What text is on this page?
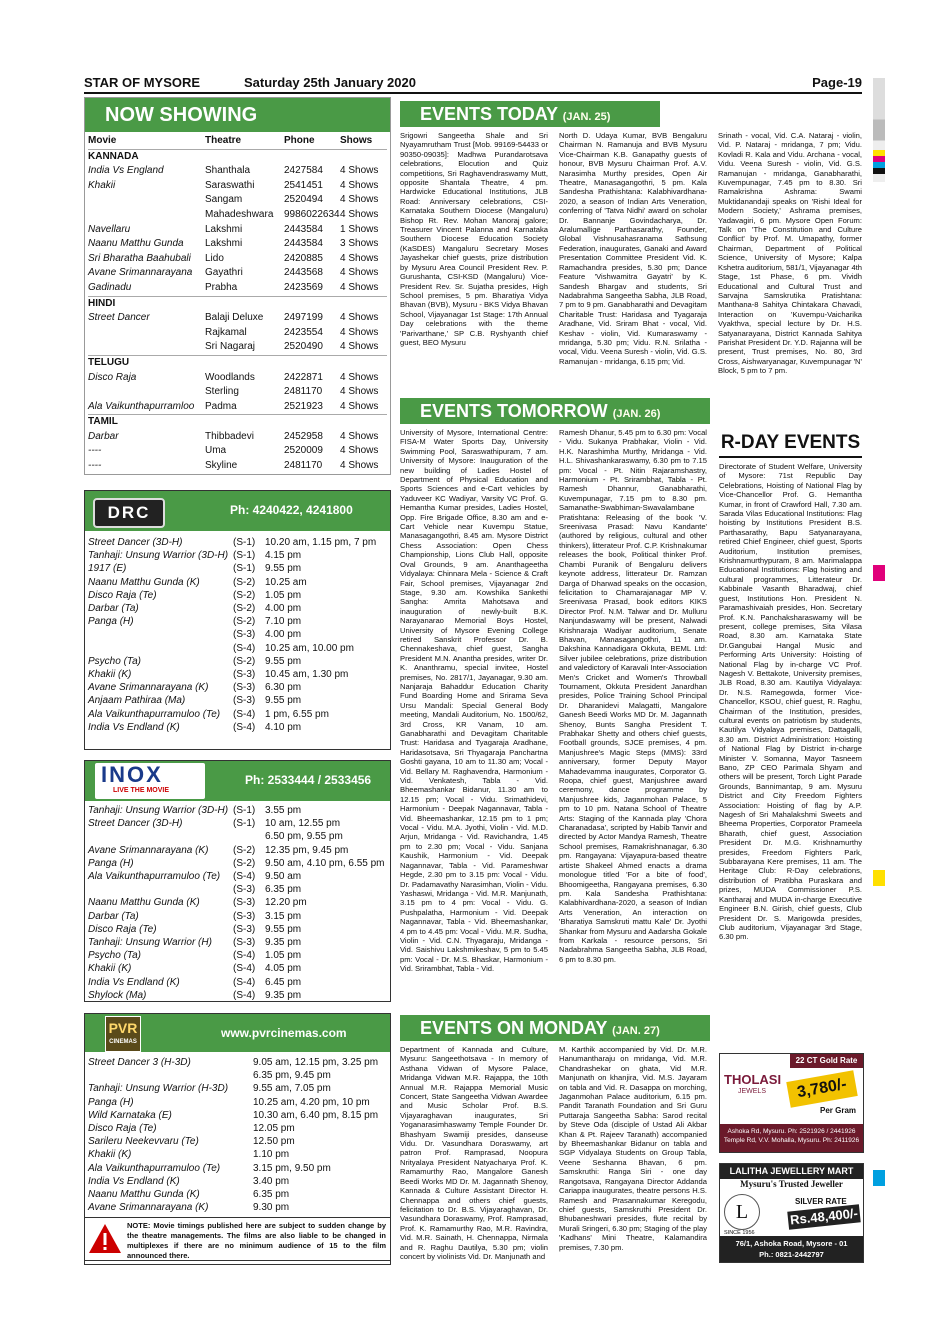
STAR OF MYSORE	Saturday 25th January 2020	Page-19
NOW SHOWING
Movie	Theatre	Phone	Shows
KANNADA
India Vs England	Shanthala	2427584	4 Shows
Khakii	Saraswathi	2541451	4 Shows
Sangam	2520494	4 Shows
Mahadeshwara	9986022634 4 Shows
Navellaru	Lakshmi	2443584	1 Shows
Naanu Matthu Gunda	Lakshmi	2443584	3 Shows
Sri Bharatha Baahubali	Lido	2420885	4 Shows
Avane Srimannarayana	Gayathri	2443568	4 Shows
Gadinadu	Prabha	2423569	4 Shows
HINDI
Street Dancer	Balaji Deluxe	2497199	4 Shows
Rajkamal	2423554	4 Shows
Sri Nagaraj	2520490	4 Shows
TELUGU
Disco Raja	Woodlands	2422871	4 Shows
Sterling	2481170	4 Shows
Ala Vaikunthapurramloo	Padma	2521923	4 Shows
TAMIL
Darbar	Thibbadevi	2452958	4 Shows
----	Uma	2520009	4 Shows
----	Skyline	2481170	4 Shows
DRC	Ph: 4240422, 4241800
Street Dancer (3D-H)	(S-1) 10.20 am, 1.15 pm, 7 pm
Tanhaji: Unsung Warrior (3D-H) (S-1) 4.15 pm
1917 (E)	(S-1) 9.55 pm
Naanu Matthu Gunda (K)	(S-2) 10.25 am
Disco Raja (Te)	(S-2) 1.05 pm
Darbar (Ta)	(S-2) 4.00 pm
Panga (H)	(S-2) 7.10 pm
(S-3) 4.00 pm
(S-4) 10.25 am, 10.00 pm
Psycho (Ta)	(S-2) 9.55 pm
Khakii (K)	(S-3) 10.45 am, 1.30 pm
Avane Srimannarayana (K)	(S-3) 6.30 pm
Anjaam Pathiraa (Ma)	(S-3) 9.55 pm
Ala Vaikunthapurramuloo (Te)	(S-4) 1 pm, 6.55 pm
India Vs Endland (K)	(S-4) 4.10 pm
INOX
LIVE THE MOVIE
Ph: 2533444 / 2533456
Tanhaji: Unsung Warrior (3D-H) (S-1) 3.55 pm
Street Dancer (3D-H)	(S-1) 10 am, 12.55 pm
6.50 pm, 9.55 pm
Avane Srimannarayana (K)	(S-2) 12.35 pm, 9.45 pm
Panga (H)	(S-2) 9.50 am, 4.10 pm, 6.55 pm
Ala Vaikunthapurramuloo (Te)	(S-4) 9.50 am
(S-3) 6.35 pm
Naanu Matthu Gunda (K)	(S-3) 12.20 pm
Darbar (Ta)	(S-3) 3.15 pm
Disco Raja (Te)	(S-3) 9.55 pm
Tanhaji: Unsung Warrior (H)	(S-3) 9.35 pm
Psycho (Ta)	(S-4) 1.05 pm
Khakii (K)	(S-4) 4.05 pm
India Vs Endland (K)	(S-4) 6.45 pm
Shylock (Ma)	(S-4) 9.35 pm
PVR
CINEMAS
www.pvrcinemas.com
Street Dancer 3 (H-3D)	9.05 am, 12.15 pm, 3.25 pm
6.35 pm, 9.45 pm
Tanhaji: Unsung Warrior (H-3D)	9.55 am, 7.05 pm
Panga (H)	10.25 am, 4.20 pm, 10 pm
Wild Karnataka (E)	10.30 am, 6.40 pm, 8.15 pm
Disco Raja (Te)	12.05 pm
Sarileru Neekevvaru (Te)	12.50 pm
Khakii (K)	1.10 pm
Ala Vaikunthapurramuloo (Te)	3.15 pm, 9.50 pm
India Vs Endland (K)	3.40 pm
Naanu Matthu Gunda (K)	6.35 pm
Avane Srimannarayana (K)	9.30 pm
NOTE: Movie timings published here are subject to sudden change by the theatre managements. The films are also liable to be changed in multiplexes if there are no minimum audience of 15 to the film announced there.
EVENTS TODAY (JAN. 25)
Srigowri Sangeetha Shale and Sri Nyayamrutham Trust [Mob. 99169-54433 or 90350-09035]: Madhwa Purandarotsava celebrations, Elocution and Quiz competitions, Sri Raghavendraswamy Mutt, opposite Shantala Theatre, 4 pm. Hardwicke Educational Institutions, JLB Road: Anniversary celebrations, CSI-Karnataka Southern Diocese (Mangaluru) Bishop Rt. Rev. Mohan Manoraj galore; Treasurer Vincent Palanna and Karnataka Southern Diocese Education Society (KaSDES) Mangaluru Secretary Moses Jayashekar chief guests, prize distribution by Mysuru Area Council President Rev. P. Gurushanta, CSI-KSD (Mangaluru) Vice-President Rev. Sr. Sujatha presides, High School premises, 5 pm. Bharatiya Vidya Bhavan (BVB), Mysuru - BKS Vidya Bhavan School, Vijayanagar 1st Stage: 17th Annual Day celebrations with the theme 'Parivarthane,' SP C.B. Ryshyanth chief guest, BEO Mysuru
North D. Udaya Kumar, BVB Bengaluru Chairman N. Ramanuja and BVB Mysuru Vice-Chairman K.B. Ganapathy guests of honour, BVB Mysuru Chairman Prof. A.V. Narasimha Murthy presides, Open Air Theatre, Manasagangothri, 5 pm. Kala Sandesha Prathishtana: Kalabhivardhana-2020, a season of Indian Arts Veneration, conferring of 'Tatva Nidhi' award on scholar Dr. Bannanje Govindacharya, Dr. Aralumallige Parthasarathy, Founder, Global Vishnusahasranama Sathsung Federation, inaugurates, Ganaki and Award Presentation Committee President Vid. K. Ramachandra presides, 5.30 pm; Dance Feature 'Vishwamitra Gayatri' by K. Sandesh Bhargav and students, Sri Nadabrahma Sangeetha Sabha, JLB Road, 7 pm to 9 pm. Ganabharathi and Devagitam Charitable Trust: Haridasa and Tyagaraja Aradhane, Vid. Sriram Bhat - vocal, Vid. Keshav - violin, Vid. Kumaraswamy - mridanga, 5.30 pm; Vidu. R.N. Srilatha - vocal, Vidu. Veena Suresh - violin, Vid. G.S. Ramanujan - mridanga, 6.15 pm; Vid.
Srinath - vocal, Vid. C.A. Nataraj - violin, Vid. P. Nataraj - mridanga, 7 pm; Vidu. Kovladi R. Kala and Vidu. Archana - vocal, Vidu. Veena Suresh - violin, Vid. G.S. Ramanujan - mridanga, Ganabharathi, Kuvempunagar, 7.45 pm to 8.30. Sri Ramakrishna Ashrama: Swami Muktidanandaji speaks on 'Rishi Ideal for Modern Society,' Ashrama premises, Yadavagiri, 6 pm. Mysore Open Forum: Talk on 'The Constitution and Culture Conflict' by Prof. M. Umapathy, former Chairman, Department of Political Science, University of Mysore; Kalpa Kshetra auditorium, 581/1, Vijayanagar 4th Stage, 1st Phase, 6 pm. Vividh Educational and Cultural Trust and Sarvajna Samskrutika Pratishtana: Manthana-8 Sahitya Chintakara Chavadi, Interaction on 'Kuvempu-Vaicharika Vyakthva, special lecture by Dr. H.S. Satyanarayana, District Kannada Sahitya Parishat President Dr. Y.D. Rajanna will be present, Trust premises, No. 80, 3rd Cross, Aishwaryanagar, Kuvempunagar 'N' Block, 5 pm to 7 pm.
EVENTS TOMORROW (JAN. 26)
University of Mysore, International Centre: FISA-M Water Sports Day, University Swimming Pool, Saraswathipuram, 7 am. University of Mysore: Inauguration of the new building of Ladies Hostel of Department of Physical Education and Sports Sciences and e-Cart vehicles by Yaduveer KC Wadiyar, Varsity VC Prof. G. Hemantha Kumar presides, Ladies Hostel, Opp. Fire Brigade Office, 8.30 am and e-Cart Vehicle near Kuvempu Statue, Manasagangothri, 8.45 am. Mysore District Chess Association: Open Chess Championship, Lions Club Hall, opposite Oval Grounds, 9 am. Ananthageetha Vidyalaya: Chinnara Mela - Science & Craft Fair, School premises, Vijayanagar 2nd Stage, 9.30 am. Kowshika Sankethi Sangha: Amrita Mahotsava and inauguration of newly-built B.K. Narayanarao Memorial Boys Hostel, University of Mysore Evening College retired Sanskrit Professor Dr. B. Chennakeshava, chief guest, Sangha President M.N. Anantha presides, writer Dr. K. Ananthramu, special invitee, Hostel premises, No. 2817/1, Jayanagar, 9.30 am. Nanjaraja Bahaddur Education Charity Fund Boarding Home and Srirama Seva Ursu Mandali: Special General Body meeting, Mandali Auditorium, No. 1500/62, 3rd Cross, KR Vanam, 10 am. Ganabharathi and Devagitam Charitable Trust: Haridasa and Tyagaraja Aradhane, Haridasotsava, Sri Thyagaraja Panchartna Goshti gayana, 10 am to 11.30 am; Vocal - Vid. Bellary M. Raghavendra, Harmonium - Vid. Venkatesh, Tabla - Vid. Bheemashankar Bidanur, 11.30 am to 12.15 pm; Vocal - Vidu. Srimathidevi, Harmonium - Deepak Nagannavar, Tabla - Vid. Bheemashankar, 12.15 pm to 1 pm; Vocal - Vidu. M.A. Jyothi, Violin - Vid. M.D. Arjun, Mridanga - Vid. Ravichandra, 1.45 pm to 2.30 pm; Vocal - Vidu. Sanjana Kaushik, Harmonium - Vid. Deepak Nagannavar, Tabla - Vid. Parameshwar Hegde, 2.30 pm to 3.15 pm: Vocal - Vidu. Dr. Padamavathy Narasimhan, Violin - Vidu. Yashaswi, Mridanga - Vid. M.R. Manjunath, 3.15 pm to 4 pm: Vocal - Vidu. G. Pushpalatha, Harmonium - Vid. Deepak Nagannavar, Tabla - Vid. Bheemashankar, 4 pm to 4.45 pm: Vocal - Vidu. M.R. Sudha, Violin - Vid. C.N. Thyagaraju, Mridanga - Vid. Saishivu Lakshmikeshav, 5 pm to 5.45 pm: Vocal - Dr. M.S. Bhaskar, Harmonium - Vid. Srirambhat, Tabla - Vid.
Ramesh Dhanur, 5.45 pm to 6.30 pm: Vocal - Vidu. Sukanya Prabhakar, Violin - Vid. H.K. Narashimha Murthy, Mridanga - Vid. H.L. Shivashankaraswamy, 6.30 pm to 7.15 pm: Vocal - Pt. Nitin Rajaramshastry, Harmonium - Pt. Srirambhat, Tabla - Pt. Ramesh Dhannur, Ganabharathi, Kuvempunagar, 7.15 pm to 8.30 pm. Samanathe-Swabhiman-Swavalambane Pratishtana: Releasing of the book 'V. Sreenivasa Prasad: Navu Kandante' (authored by religious, cultural and other thinkers), litterateur Prof. C.P. Krishnakumar releases the book, Political thinker Prof. Chambi Puranik of Bengaluru delivers keynote address, litterateur Dr. Ramzan Darga of Dharwad speaks on the occasion, felicitation to Chamarajanagar MP V. Sreenivasa Prasad, book editors KIKS Director Prof. N.M. Talwar and Dr. Mulluru Nanjundaswamy will be present, Nalwadi Krishnaraja Wadiyar auditorium, Senate Bhavan, Manasagangothri, 11 am. Dakshina Kannadigara Okkuta, BEML Ltd: Silver jubilee celebrations, prize distribution and valedictory of Karavali Inter-Association Men's Cricket and Women's Throwball Tournament, Okkuta President Janardhan presides, Police Training School Principal Dr. Dharanidevi Malagatti, Mangalore Ganesh Beedi Works MD Dr. M. Jagannath Shenoy, Bunts Sangha President T. Prabhakar Shetty and others chief guests, Football grounds, SJCE premises, 4 pm. Manjushree's Magic Steps (MMS): 33rd anniversary, former Deputy Mayor Mahadevamma inaugurates, Corporator G. Roopa, chief guest, Manjushree award ceremony, dance programme by Manjushree kids, Jaganmohan Palace, 5 pm to 10 pm. Natana School of Theatre Arts: Staging of the Kannada play 'Chora Charanadasa', scripted by Habib Tanvir and directed by Actor Mandya Ramesh, Theatre School premises, Ramakrishnanagar, 6.30 pm. Rangayana: Vijayapura-based theatre artiste Shakeel Ahmed enacts a drama monologue titled 'For a bite of food', Bhoomigeetha, Rangayana premises, 6.30 pm. Kala Sandesha Prathishtana: Kalabhivardhana-2020, a season of Indian Arts Veneration, An interaction on 'Bharatiya Samskruti mattu Kale' Dr. Jyothi Shankar from Mysuru and Aadarsha Gokale from Karkala - resource persons, Sri Nadabrahma Sangeetha Sabha, JLB Road, 6 pm to 8.30 pm.
R-DAY EVENTS
Directorate of Student Welfare, University of Mysore: 71st Republic Day Celebrations, Hoisting of National Flag by Vice-Chancellor Prof. G. Hemantha Kumar, in front of Crawford Hall, 7.30 am. Sarada Vilas Educational Institutions: Flag hoisting by Institutions President B.S. Parthasarathy, Bapu Satyanarayana, retired Chief Engineer, chief guest, Sports Auditorium, Institution premises, Krishnamurthypuram, 8 am. Marimalappa Educational Institutions: Flag hoisting and cultural programmes, Litterateur Dr. Kabbinale Vasanth Bharadwaj, chief guest, Institutions Hon. President N. Paramashivaiah presides, Hon. Secretary Prof. K.N. Panchaksharaswamy will be present, college premises, Sita Vilasa Road, 8.30 am. Karnataka State Dr.Gangubai Hangal Music and Performing Arts University: Hoisting of National Flag by in-charge VC Prof. Nagesh V. Bettakote, University premises, JLB Road, 8.30 am. Kautilya Vidyalaya: Dr. N.S. Ramegowda, former Vice-Chancellor, KSOU, chief guest, R. Raghu, Chairman of the Institution, presides, cultural events on patriotism by students, Kautilya Vidyalaya premises, Dattagalli, 8.30 am. District Administration: Hoisting of National Flag by District in-charge Minister V. Somanna, Mayor Tasneem Bano, ZP CEO Parimala Shyam and others will be present, Torch Light Parade Grounds, Bannimantap, 9 am. Mysuru District and City Freedom Fighters Association: Hoisting of flag by A.P. Nagesh of Sri Mahalakshmi Sweets and Bheema Properties, Corporator Prameela Bharath, chief guest, Association President Dr. M.G. Krishnamurthy presides, Freedom Fighters Park, Subbarayana Kere premises, 11 am. The Heritage Club: R-Day celebrations, distribution of Pratibha Puraskara and prizes, MUDA Commissioner P.S. Kantharaj and MUDA in-charge Executive Engineer B.N. Girish, chief guests, Club President Dr. S. Marigowda presides, Club auditorium, Vijayanagar 3rd Stage, 6.30 pm.
EVENTS ON MONDAY (JAN. 27)
Department of Kannada and Culture, Mysuru: Sangeethotsava - In memory of Asthana Vidwan of Mysore Palace, Mridanga Vidwan M.R. Rajappa, the 10th Annual M.R. Rajappa Memorial Music Concert, State Sangeetha Vidwan Awardee and Music Scholar Prof. B.S. Vijayaraghavan inaugurates, Sri Yoganarasimhaswamy Temple Founder Dr. Bhashyam Swamiji presides, danseuse Vidu. Dr. Vasundhara Doraswamy, art patron Prof. Ramprasad, Noopura Nrityalaya President Natyacharya Prof. K. Ramamurthy Rao, Mangalore Ganesh Beedi Works MD Dr. M. Jagannath Shenoy, Kannada & Culture Assistant Director H. Chennappa and others chief guests, felicitation to Dr. B.S. Vijayaraghavan, Dr. Vasundhara Doraswamy, Prof. Ramprasad, Prof. K. Ramamurthy Rao, M.R. Ravindra, Vid. M.R. Sainath, H. Chennappa, Nirmala and R. Raghu Dautilya, 5.30 pm; violin concert by violinists Vid. Dr. Manjunath and
M. Karthik accompanied by Vid. Dr. M.R. Hanumantharaju on mridanga, Vid. M.R. Chandrashekar on ghata, Vid M.R. Manjunath on khanjira, Vid. M.S. Jayaram on tabla and Vid. R. Dasappa on morching, Jaganmohan Palace auditorium, 6.15 pm. Pandit Taranath Foundation and Sri Guru Puttaraja Sangeetha Sabha: Sarod recital by Steve Oda (disciple of Ustad Ali Akbar Khan & Pt. Rajeev Taranath) accompanied by Bheemashankar Bidanur on tabla and SGP Vidyalaya Students on Group Tabla, Veene Seshanna Bhavan, 6 pm. Samskruthi: Ranga Siri - one day Rangotsava, Rangayana Director Addanda Cariappa inaugurates, theatre persons H.S. Ramesh and Prasannakumar Keregodu, chief guests, Samskruthi President Dr. Bhubaneshwari presides, flute recital by Murali Sringeri, 6.30 pm; Staging of the play 'Kadhans' Mini Theatre, Kalamandira premises, 7.30 pm.
22 CT Gold Rate
THOLASI
JEWELS	3,780/-
Per Gram
Ashoka Rd, Mysuru. Ph: 2521926 / 2441926
Temple Rd, V.V. Mohalla, Mysuru. Ph: 2411926
LALITHA JEWELLERY MART
Mysuru's Trusted Jeweller
L
SINCE 1956
SILVER RATE
Rs.48,400/-
76/1, Ashoka Road, Mysore - 01
Ph.: 0821-2442797
